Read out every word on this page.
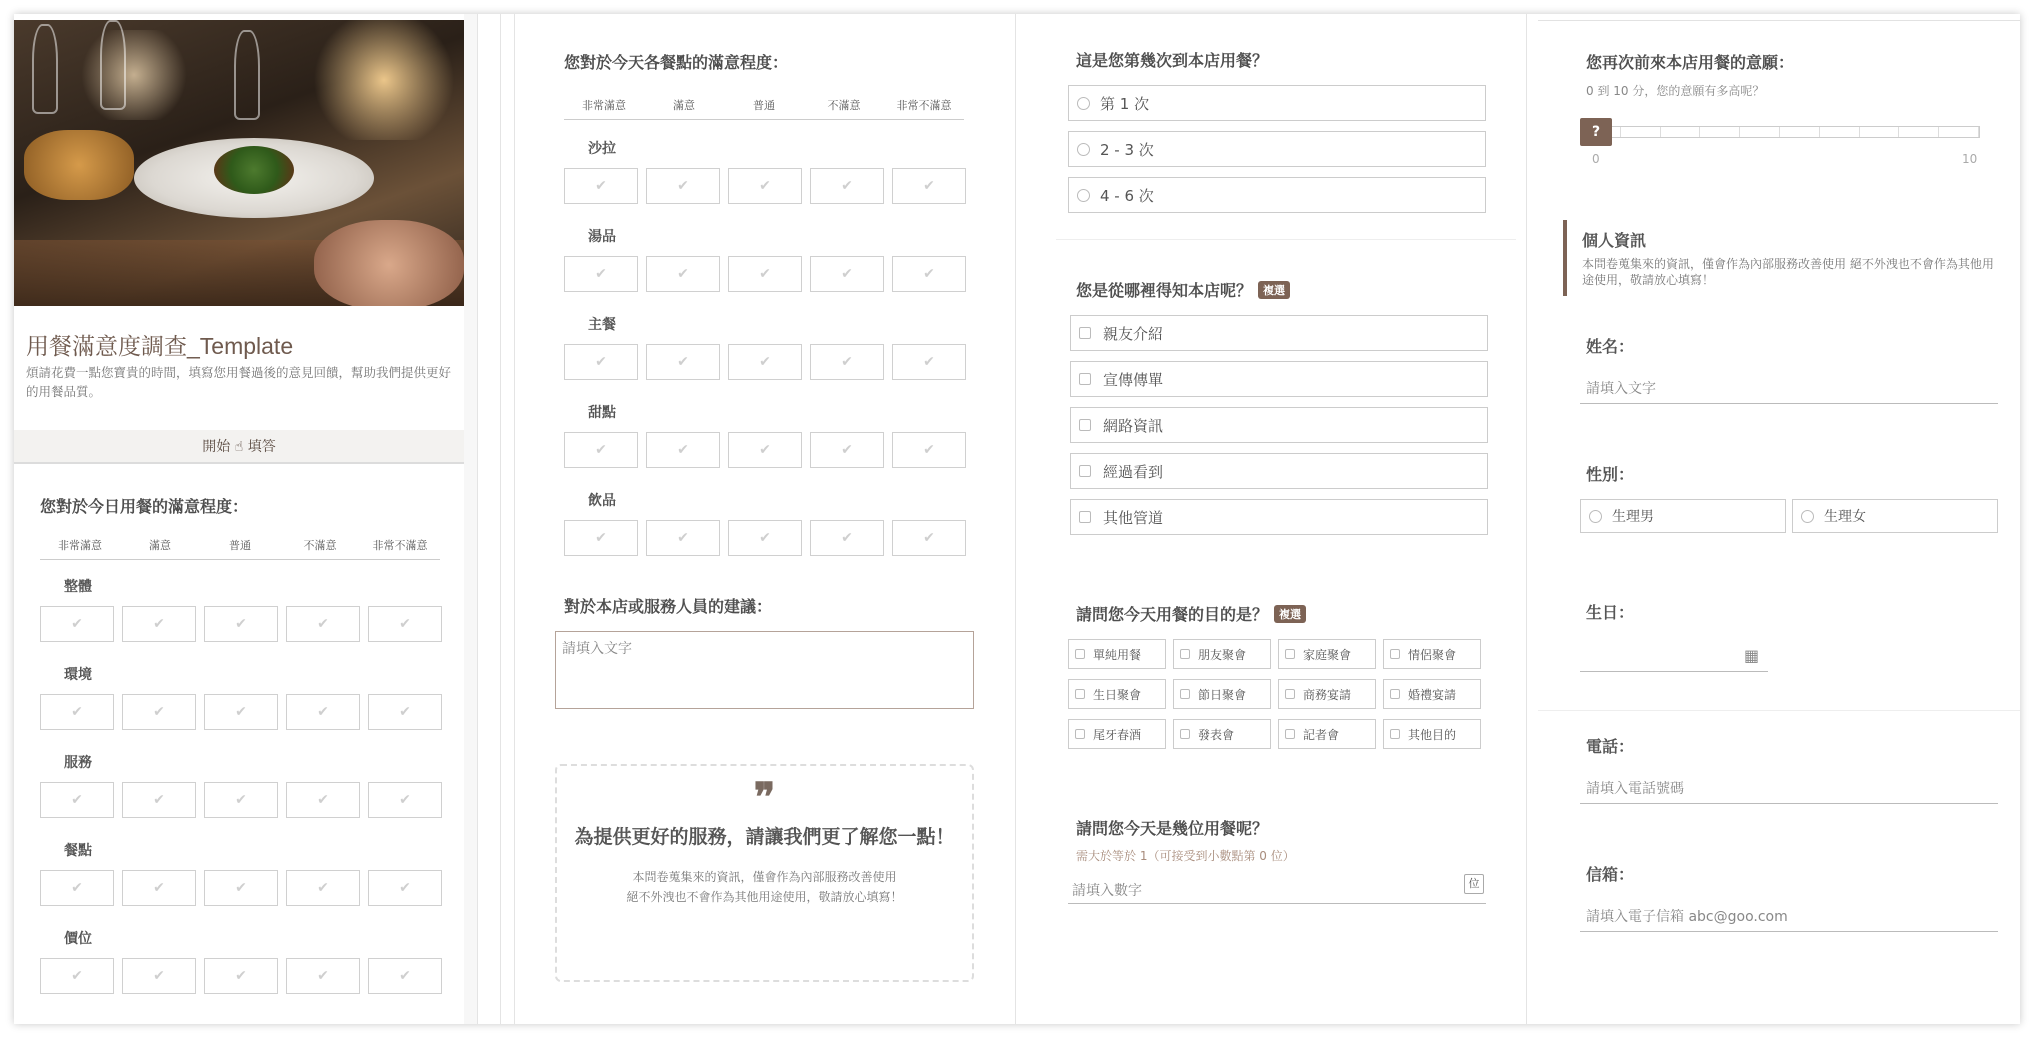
用餐滿意度調查_Template
煩請花費一點您寶貴的時間，填寫您用餐過後的意見回饋，幫助我們提供更好的用餐品質。
開始 ☝ 填答
您對於今日用餐的滿意程度：
非常滿意	滿意	普通	不滿意	非常不滿意
整體
✔	✔	✔	✔	✔
環境
✔	✔	✔	✔	✔
服務
✔	✔	✔	✔	✔
餐點
✔	✔	✔	✔	✔
價位
✔	✔	✔	✔	✔
您對於今天各餐點的滿意程度：
非常滿意	滿意	普通	不滿意	非常不滿意
沙拉
✔	✔	✔	✔	✔
湯品
✔	✔	✔	✔	✔
主餐
✔	✔	✔	✔	✔
甜點
✔	✔	✔	✔	✔
飲品
✔	✔	✔	✔	✔
對於本店或服務人員的建議：
請填入文字
❞
為提供更好的服務，請讓我們更了解您一點！
本問卷蒐集來的資訊，僅會作為內部服務改善使用
絕不外洩也不會作為其他用途使用，敬請放心填寫！
這是您第幾次到本店用餐？
第 1 次
2 - 3 次
4 - 6 次
您是從哪裡得知本店呢？ 複選
親友介紹
宣傳傳單
網路資訊
經過看到
其他管道
請問您今天用餐的目的是？ 複選
單純用餐	朋友聚會	家庭聚會	情侶聚會
生日聚會	節日聚會	商務宴請	婚禮宴請
尾牙春酒	發表會	記者會	其他目的
請問您今天是幾位用餐呢？
需大於等於 1（可接受到小數點第 0 位）
請填入數字	位
您再次前來本店用餐的意願：
0 到 10 分，您的意願有多高呢？
?
0	10
個人資訊
本問卷蒐集來的資訊，僅會作為內部服務改善使用 絕不外洩也不會作為其他用途使用，敬請放心填寫！
姓名：
請填入文字
性別：
生理男	生理女
生日：
▦
電話：
請填入電話號碼
信箱：
請填入電子信箱 abc@goo.com
